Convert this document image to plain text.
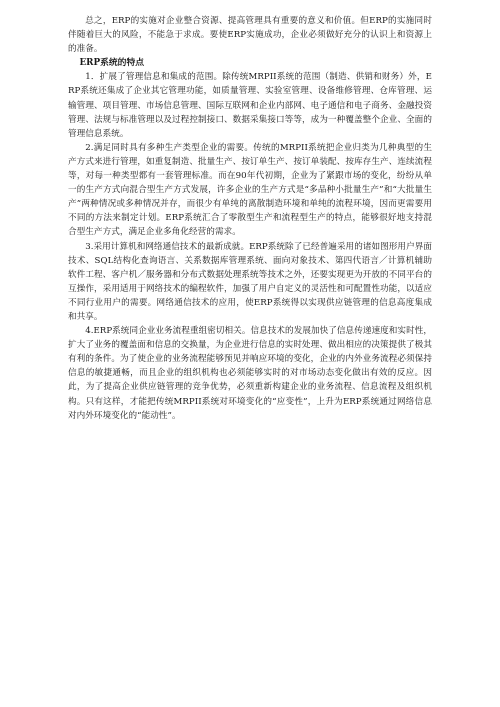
总之，ERP的实施对企业整合资源、提高管理具有重要的意义和价值。但ERP的实施同时伴随着巨大的风险，不能急于求成。要使ERP实施成功，企业必须做好充分的认识上和资源上的准备。

ERP系统的特点

1．扩展了管理信息和集成的范围。除传统MRPII系统的范围（制造、供销和财务）外，ERP系统还集成了企业其它管理功能，如质量管理、实验室管理、设备维修管理、仓库管理、运输管理、项目管理、市场信息管理、国际互联网和企业内部网、电子通信和电子商务、金融投资管理、法规与标准管理以及过程控制接口、数据采集接口等等，成为一种覆盖整个企业、全面的管理信息系统。

2.满足同时具有多种生产类型企业的需要。传统的MRPII系统把企业归类为几种典型的生产方式来进行管理，如重复制造、批量生产、按订单生产、按订单装配、按库存生产、连续流程等，对每一种类型都有一套管理标准。而在90年代初期，企业为了紧跟市场的变化，纷纷从单一的生产方式向混合型生产方式发展，许多企业的生产方式是“多品种小批量生产”和“大批量生产”两种情况或多种情况并存，而很少有单纯的离散制造环境和单纯的流程环境，因而更需要用不同的方法来制定计划。ERP系统汇合了零散型生产和流程型生产的特点，能够很好地支持混合型生产方式，满足企业多角化经营的需求。

3.采用计算机和网络通信技术的最新成就。ERP系统除了已经普遍采用的诸如图形用户界面技术、SQL结构化查询语言、关系数据库管理系统、面向对象技术、第四代语言／计算机辅助软件工程、客户机／服务器和分布式数据处理系统等技术之外，还要实现更为开放的不同平台的互操作，采用适用于网络技术的编程软件，加强了用户自定义的灵活性和可配置性功能，以适应不同行业用户的需要。网络通信技术的应用，使ERP系统得以实现供应链管理的信息高度集成和共享。

4.ERP系统同企业业务流程重组密切相关。信息技术的发展加快了信息传递速度和实时性，扩大了业务的覆盖面和信息的交换量，为企业进行信息的实时处理、做出相应的决策提供了极其有利的条件。为了使企业的业务流程能够预见并响应环境的变化，企业的内外业务流程必须保持信息的敏捷通畅，而且企业的组织机构也必须能够实时的对市场动态变化做出有效的反应。因此，为了提高企业供应链管理的竞争优势，必须重新构建企业的业务流程、信息流程及组织机构。只有这样，才能把传统MRPII系统对环境变化的“应变性”，上升为ERP系统通过网络信息对内外环境变化的“能动性”。
